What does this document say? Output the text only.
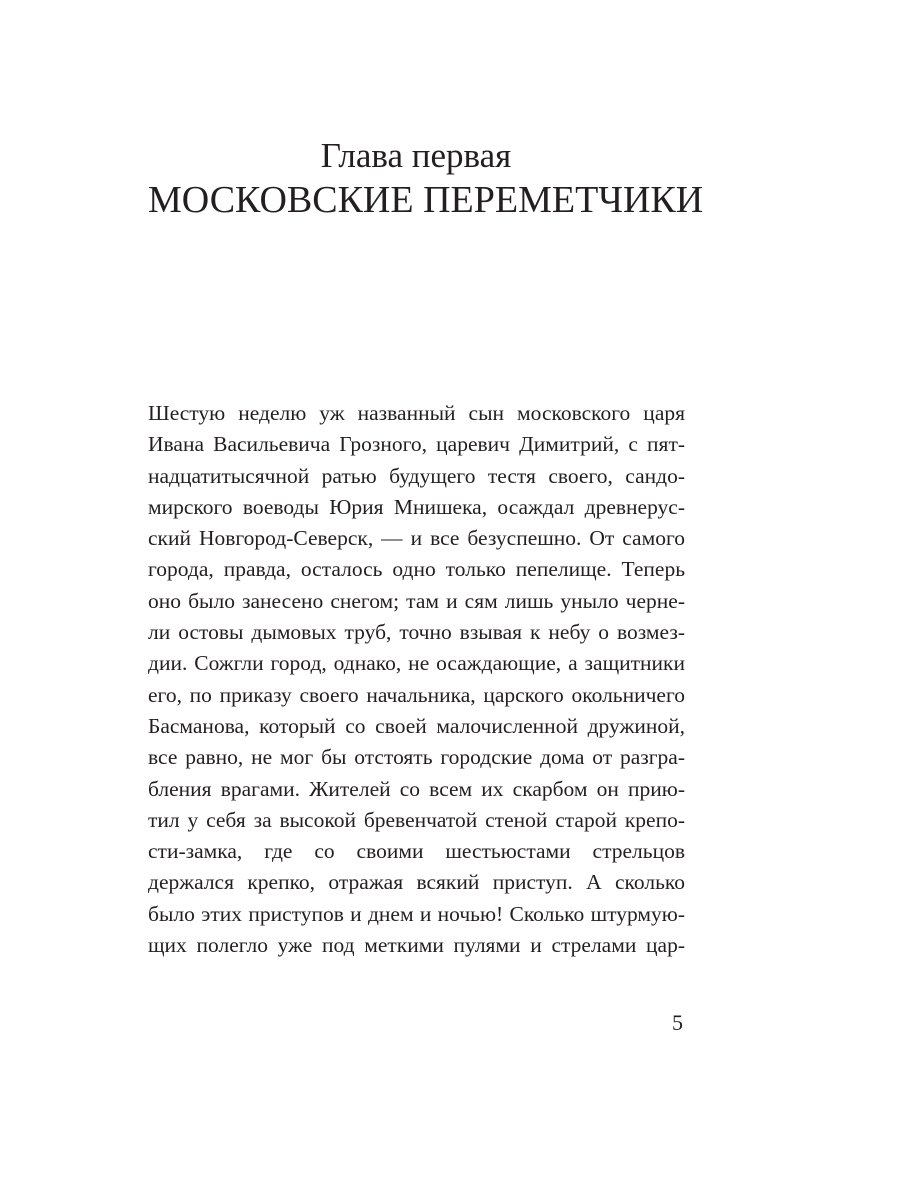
Глава первая
МОСКОВСКИЕ ПЕРЕМЕТЧИКИ
Шестую неделю уж названный сын московского царя
Ивана Васильевича Грозного, царевич Димитрий, с пят-
надцатитысячной ратью будущего тестя своего, сандо-
мирского воеводы Юрия Мнишека, осаждал древнерус-
ский Новгород-Северск, — и все безуспешно. От самого
города, правда, осталось одно только пепелище. Теперь
оно было занесено снегом; там и сям лишь уныло черне-
ли остовы дымовых труб, точно взывая к небу о возмез-
дии. Сожгли город, однако, не осаждающие, а защитники
его, по приказу своего начальника, царского окольничего
Басманова, который со своей малочисленной дружиной,
все равно, не мог бы отстоять городские дома от разгра-
бления врагами. Жителей со всем их скарбом он прию-
тил у себя за высокой бревенчатой стеной старой крепо-
сти-замка, где со своими шестьюстами стрельцов
держался крепко, отражая всякий приступ. А сколько
было этих приступов и днем и ночью! Сколько штурмую-
щих полегло уже под меткими пулями и стрелами цар-
5
